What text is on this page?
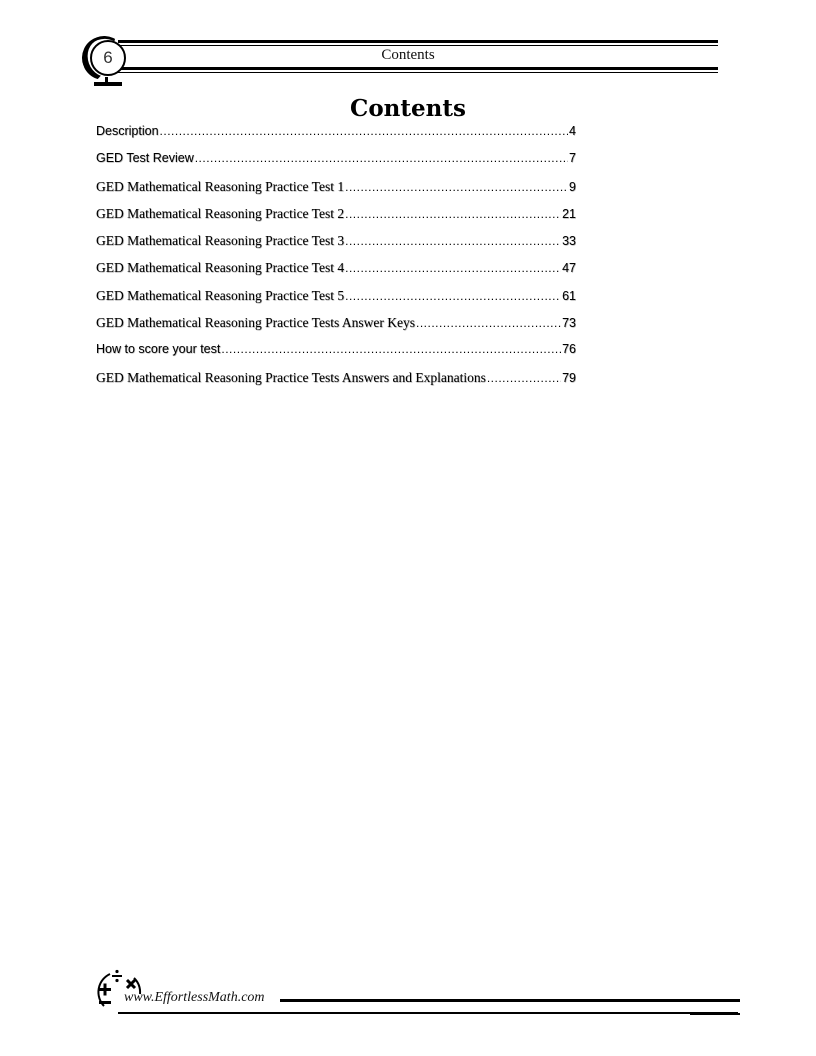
6	Contents
Contents
Description .....	4
GED Test Review .....	7
GED Mathematical Reasoning Practice Test 1 .....	9
GED Mathematical Reasoning Practice Test 2 .....	21
GED Mathematical Reasoning Practice Test 3 .....	33
GED Mathematical Reasoning Practice Test 4 .....	47
GED Mathematical Reasoning Practice Test 5 .....	61
GED Mathematical Reasoning Practice Tests Answer Keys .....	73
How to score your test .....	76
GED Mathematical Reasoning Practice Tests Answers and Explanations .....	79
www.EffortlessMath.com
